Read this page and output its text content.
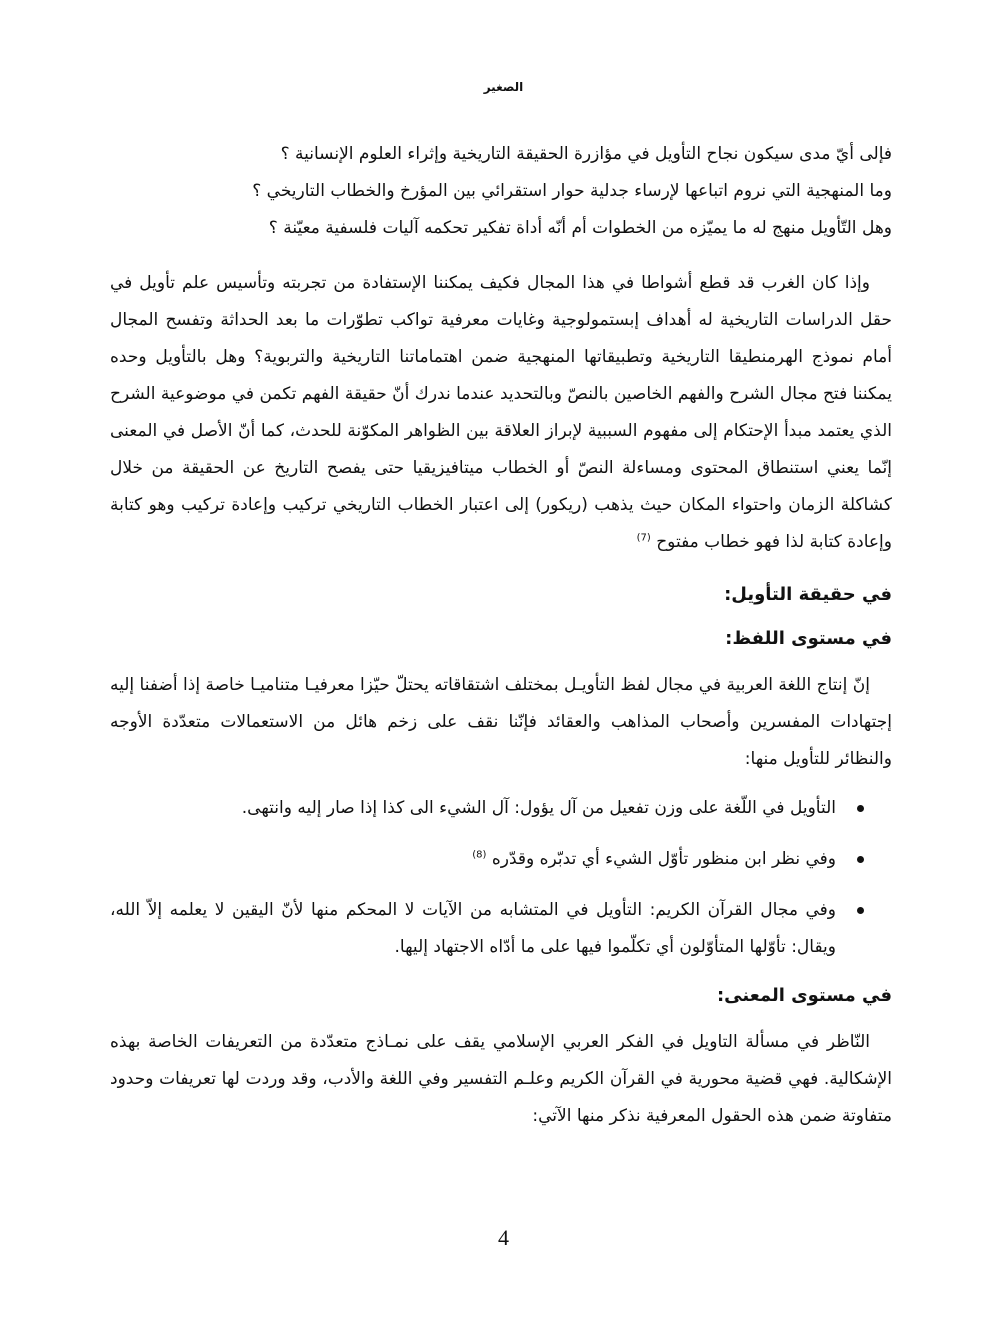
الصغير

فإلى أيّ مدى سيكون نجاح التأويل في مؤازرة الحقيقة التاريخية وإثراء العلوم الإنسانية ؟

وما المنهجية التي نروم اتباعها لإرساء جدلية حوار استقرائي بين المؤرخ والخطاب التاريخي ؟

وهل التّأويل منهج له ما يميّزه من الخطوات أم أنّه أداة تفكير تحكمه آليات فلسفية معيّنة ؟

وإذا كان الغرب قد قطع أشواطا في هذا المجال فكيف يمكننا الإستفادة من تجربته وتأسيس علم تأويل في حقل الدراسات التاريخية له أهداف إبستمولوجية وغايات معرفية تواكب تطوّرات ما بعد الحداثة وتفسح المجال أمام نموذج الهرمنطيقا التاريخية وتطبيقاتها المنهجية ضمن اهتماماتنا التاريخية والتربوية؟ وهل بالتأويل وحده يمكننا فتح مجال الشرح والفهم الخاصين بالنصّ وبالتحديد عندما ندرك أنّ حقيقة الفهم تكمن في موضوعية الشرح الذي يعتمد مبدأ الإحتكام إلى مفهوم السببية لإبراز العلاقة بين الظواهر المكوّنة للحدث، كما أنّ الأصل في المعنى إنّما يعني استنطاق المحتوى ومساءلة النصّ أو الخطاب ميتافيزيقيا حتى يفصح التاريخ عن الحقيقة من خلال كشاكلة الزمان واحتواء المكان حيث يذهب (ريكور) إلى اعتبار الخطاب التاريخي تركيب وإعادة تركيب وهو كتابة وإعادة كتابة لذا فهو خطاب مفتوح $^{(7)}$

في حقيقة التأويل:
في مستوى اللفظ:

إنّ إنتاج اللغة العربية في مجال لفظ التأويـل بمختلف اشتقاقاته يحتلّ حيّزا معرفيـا متناميـا خاصة إذا أضفنا إليه إجتهادات المفسرين وأصحاب المذاهب والعقائد فإنّنا نقف على زخم هائل من الاستعمالات متعدّدة الأوجه والنظائر للتأويل منها:

التأويل في اللّغة على وزن تفعيل من آل يؤول: آل الشيء الى كذا إذا صار إليه وانتهى.
وفي نظر ابن منظور تأوّل الشيء أي تدبّره وقدّره $^{(8)}$
وفي مجال القرآن الكريم: التأويل في المتشابه من الآيات لا المحكم منها لأنّ اليقين لا يعلمه إلاّ الله، ويقال: تأوّلها المتأوّلون أي تكلّموا فيها على ما أدّاه الاجتهاد إليها.
في مستوى المعنى:

النّاظر في مسألة التاويل في الفكر العربي الإسلامي يقف على نمـاذج متعدّدة من التعريفات الخاصة بهذه الإشكالية. فهي قضية محورية في القرآن الكريم وعلـم التفسير وفي اللغة والأدب، وقد وردت لها تعريفات وحدود متفاوتة ضمن هذه الحقول المعرفية نذكر منها الآتي:

4
